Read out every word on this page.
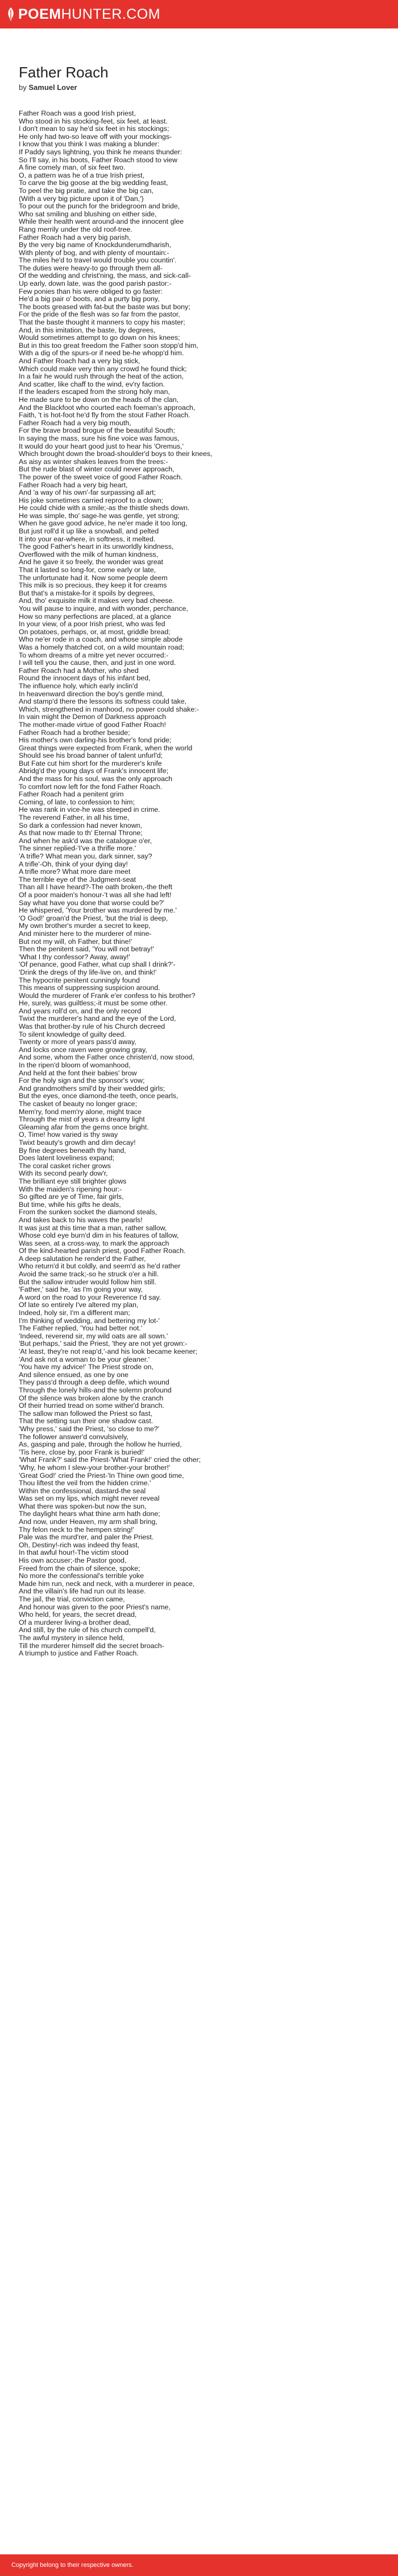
POEM HUNTER .COM
Father Roach
by Samuel Lover
Father Roach was a good Irish priest,
Who stood in his stocking-feet, six feet, at least.
I don't mean to say he'd six feet in his stockings;
He only had two-so leave off with your mockings-
I know that you think I was making a blunder:
If Paddy says lightning, you think he means thunder:
So I'll say, in his boots, Father Roach stood to view
A fine comely man, of six feet two.
O, a pattern was he of a true Irish priest,
To carve the big goose at the big wedding feast,
To peel the big pratie, and take the big can,
(With a very big picture upon it of 'Dan,')
To pour out the punch for the bridegroom and bride,
Who sat smiling and blushing on either side,
While their health went around-and the innocent glee
Rang merrily under the old roof-tree.
Father Roach had a very big parish,
By the very big name of Knockdunderumdharish,
With plenty of bog, and with plenty of mountain:-
The miles he'd to travel would trouble you countin'.
The duties were heavy-to go through them all-
Of the wedding and christ'ning, the mass, and sick-call-
Up early, down late, was the good parish pastor:-
Few ponies than his were obliged to go faster:
He'd a big pair o' boots, and a purty big pony,
The boots greased with fat-but the baste was but bony;
For the pride of the flesh was so far from the pastor,
That the baste thought it manners to copy his master;
And, in this imitation, the baste, by degrees,
Would sometimes attempt to go down on his knees;
But in this too great freedom the Father soon stopp'd him,
With a dig of the spurs-or if need be-he whopp'd him.
And Father Roach had a very big stick,
Which could make very thin any crowd he found thick;
In a fair he would rush through the heat of the action,
And scatter, like chaff to the wind, ev'ry faction.
If the leaders escaped from the strong holy man,
He made sure to be down on the heads of the clan,
And the Blackfoot who courted each foeman's approach,
Faith, 't is hot-foot he'd fly from the stout Father Roach.
Father Roach had a very big mouth,
For the brave broad brogue of the beautiful South;
In saying the mass, sure his fine voice was famous,
It would do your heart good just to hear his 'Oremus,'
Which brought down the broad-shoulder'd boys to their knees,
As aisy as winter shakes leaves from the trees:-
But the rude blast of winter could never approach,
The power of the sweet voice of good Father Roach.
Father Roach had a very big heart,
And 'a way of his own'-far surpassing all art;
His joke sometimes carried reproof to a clown;
He could chide with a smile;-as the thistle sheds down.
He was simple, tho' sage-he was gentle, yet strong;
When he gave good advice, he ne'er made it too long,
But just roll'd it up like a snowball, and pelted
It into your ear-where, in softness, it melted.
The good Father's heart in its unworldly kindness,
Overflowed with the milk of human kindness,
And he gave it so freely, the wonder was great
That it lasted so long-for, come early or late,
The unfortunate had it. Now some people deem
This milk is so precious, they keep it for creams
But that's a mistake-for it spoils by degrees,
And, tho' exquisite milk it makes very bad cheese.
You will pause to inquire, and with wonder, perchance,
How so many perfections are placed, at a glance
In your view, of a poor Irish priest, who was fed
On potatoes, perhaps, or, at most, griddle bread;
Who ne'er rode in a coach, and whose simple abode
Was a homely thatched cot, on a wild mountain road;
To whom dreams of a mitre yet never occurred:-
I will tell you the cause, then, and just in one word.
Father Roach had a Mother, who shed
Round the innocent days of his infant bed,
The influence holy, which early inclin'd
In heavenward direction the boy's gentle mind,
And stamp'd there the lessons its softness could take,
Which, strengthened in manhood, no power could shake:-
In vain might the Demon of Darkness approach
The mother-made virtue of good Father Roach!
Father Roach had a brother beside;
His mother's own darling-his brother's fond pride;
Great things were expected from Frank, when the world
Should see his broad banner of talent unfurl'd;
But Fate cut him short for the murderer's knife
Abridg'd the young days of Frank's innocent life;
And the mass for his soul, was the only approach
To comfort now left for the fond Father Roach.
Father Roach had a penitent grim
Coming, of late, to confession to him;
He was rank in vice-he was steeped in crime.
The reverend Father, in all his time,
So dark a confession had never known,
As that now made to th' Eternal Throne;
And when he ask'd was the catalogue o'er,
The sinner replied-'I've a thrifle more.'
'A trifle? What mean you, dark sinner, say?
A trifle'-Oh, think of your dying day!
A trifle more? What more dare meet
The terrible eye of the Judgment-seat
Than all I have heard?-The oath broken,-the theft
Of a poor maiden's honour-'t was all she had left!
Say what have you done that worse could be?'
He whispered, 'Your brother was murdered by me.'
'O God!' groan'd the Priest, 'but the trial is deep,
My own brother's murder a secret to keep,
And minister here to the murderer of mine-
But not my will, oh Father, but thine!'
Then the penitent said, 'You will not betray!'
'What I thy confessor? Away, away!'
'Of penance, good Father, what cup shall I drink?'-
'Drink the dregs of thy life-live on, and think!'
The hypocrite penitent cunningly found
This means of suppressing suspicion around.
Would the murderer of Frank e'er confess to his brother?
He, surely, was guiltless;-it must be some other.
And years roll'd on, and the only record
Twixt the murderer's hand and the eye of the Lord,
Was that brother-by rule of his Church decreed
To silent knowledge of guilty deed.
Twenty or more of years pass'd away,
And locks once raven were growing gray,
And some, whom the Father once christen'd, now stood,
In the ripen'd bloom of womanhood,
And held at the font their babies' brow
For the holy sign and the sponsor's vow;
And grandmothers smil'd by their wedded girls;
But the eyes, once diamond-the teeth, once pearls,
The casket of beauty no longer grace;
Mem'ry, fond mem'ry alone, might trace
Through the mist of years a dreamy light
Gleaming afar from the gems once bright.
O, Time! how varied is thy sway
Twixt beauty's growth and dim decay!
By fine degrees beneath thy hand,
Does latent loveliness expand;
The coral casket richer grows
With its second pearly dow'r,
The brilliant eye still brighter glows
With the maiden's ripening hour:-
So gifted are ye of Time, fair girls,
But time, while his gifts he deals,
From the sunken socket the diamond steals,
And takes back to his waves the pearls!
It was just at this time that a man, rather sallow,
Whose cold eye burn'd dim in his features of tallow,
Was seen, at a cross-way, to mark the approach
Of the kind-hearted parish priest, good Father Roach.
A deep salutation he render'd the Father,
Who return'd it but coldly, and seem'd as he'd rather
Avoid the same track;-so he struck o'er a hill.
But the sallow intruder would follow him still.
'Father,' said he, 'as I'm going your way,
A word on the road to your Reverence I'd say.
Of late so entirely I've altered my plan,
Indeed, holy sir, I'm a different man;
I'm thinking of wedding, and bettering my lot-'
The Father replied, 'You had better not.'
'Indeed, reverend sir, my wild oats are all sown.'
'But perhaps,' said the Priest, 'they are not yet grown:-
'At least, they're not reap'd,'-and his look became keener;
'And ask not a woman to be your gleaner.'
'You have my advice!' The Priest strode on,
And silence ensued, as one by one
They pass'd through a deep defile, which wound
Through the lonely hills-and the solemn profound
Of the silence was broken alone by the cranch
Of their hurried tread on some wither'd branch.
The sallow man followed the Priest so fast,
That the setting sun their one shadow cast.
'Why press,' said the Priest, 'so close to me?'
The follower answer'd convulsively,
As, gasping and pale, through the hollow he hurried,
'Tis here, close by, poor Frank is buried!'
'What Frank?' said the Priest-'What Frank!' cried the other;
'Why, he whom I slew-your brother-your brother!'
'Great God!' cried the Priest-'In Thine own good time,
Thou liftest the veil from the hidden crime.'
Within the confessional, dastard-the seal
Was set on my lips, which might never reveal
What there was spoken-but now the sun,
The daylight hears what thine arm hath done;
And now, under Heaven, my arm shall bring,
Thy felon neck to the hempen string!'
Pale was the murd'rer, and paler the Priest.
Oh, Destiny!-rich was indeed thy feast,
In that awful hour!-The victim stood
His own accuser;-the Pastor good,
Freed from the chain of silence, spoke;
No more the confessional's terrible yoke
Made him run, neck and neck, with a murderer in peace,
And the villain's life had run out its lease.
The jail, the trial, conviction came,
And honour was given to the poor Priest's name,
Who held, for years, the secret dread,
Of a murderer living-a brother dead,
And still, by the rule of his church compell'd,
The awful mystery in silence held,
Till the murderer himself did the secret broach-
A triumph to justice and Father Roach.
Copyright belong to their respective owners.
